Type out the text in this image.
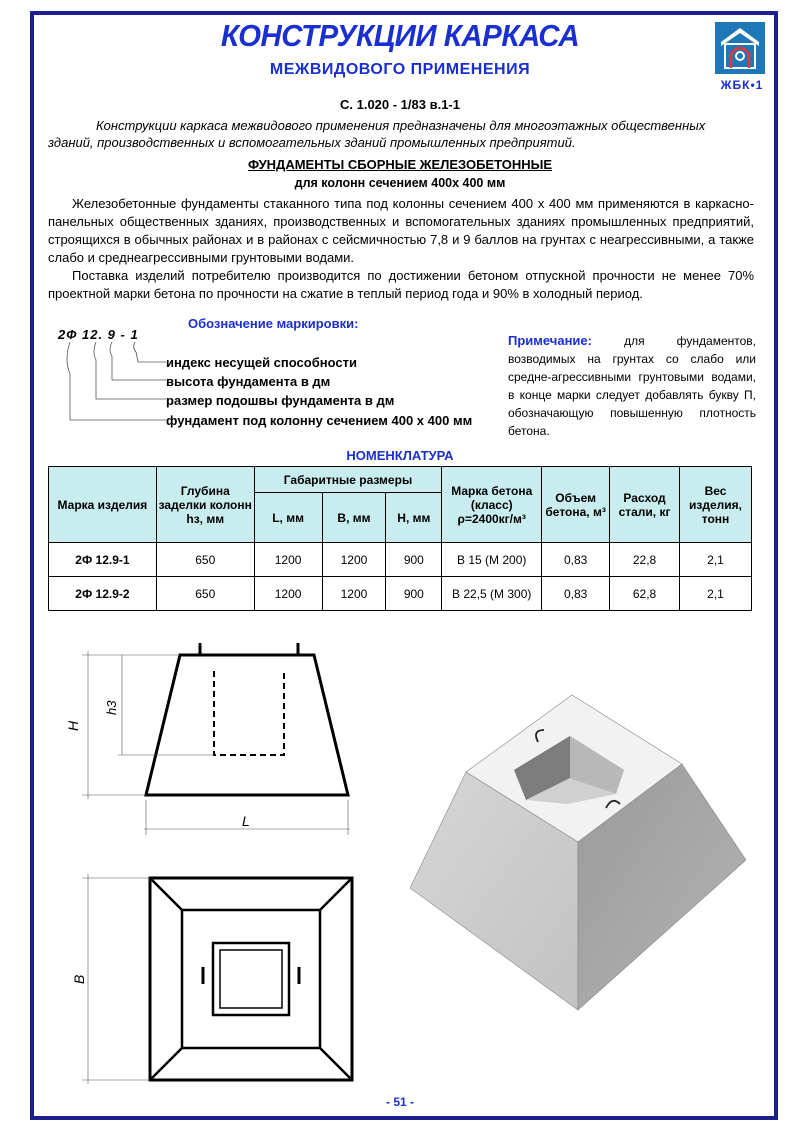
КОНСТРУКЦИИ КАРКАСА
МЕЖВИДОВОГО ПРИМЕНЕНИЯ
ЖБК•1
С. 1.020 - 1/83 в.1-1
Конструкции каркаса межвидового применения предназначены для многоэтажных общественных зданий, производственных и вспомогательных зданий промышленных предприятий.
ФУНДАМЕНТЫ СБОРНЫЕ ЖЕЛЕЗОБЕТОННЫЕ
для колонн сечением 400х 400 мм
Железобетонные фундаменты стаканного типа под колонны сечением 400 х 400 мм применяются в каркасно-панельных общественных зданиях, производственных и вспомогательных зданиях промышленных предприятий, строящихся в обычных районах и в районах с сейсмичностью 7,8 и 9 баллов на грунтах с неагрессивными, а также слабо и среднеагрессивными грунтовыми водами.
Поставка изделий потребителю производится по достижении бетоном отпускной прочности не менее 70% проектной марки бетона по прочности на сжатие в теплый период года и 90% в холодный период.
Обозначение маркировки:
2Ф 12. 9 - 1
индекс несущей способности
высота фундамента в дм
размер подошвы фундамента в дм
фундамент под колонну сечением 400 х 400 мм
Примечание: для фундаментов, возводимых на грунтах со слабо или средне-агрессивными грунтовыми водами, в конце марки следует добавлять букву П, обозначающую повышенную плотность бетона.
НОМЕНКЛАТУРА
Марка изделия	Глубина заделки колонн hз, мм	Габаритные размеры			Марка бетона (класс) ρ=2400кг/м³	Объем бетона, м³	Расход стали, кг	Вес изделия, тонн
		L, мм	B, мм	H, мм				
2Ф 12.9-1	650	1200	1200	900	В 15 (М 200)	0,83	22,8	2,1
2Ф 12.9-2	650	1200	1200	900	В 22,5 (М 300)	0,83	62,8	2,1
H
h3
L
B
- 51 -
